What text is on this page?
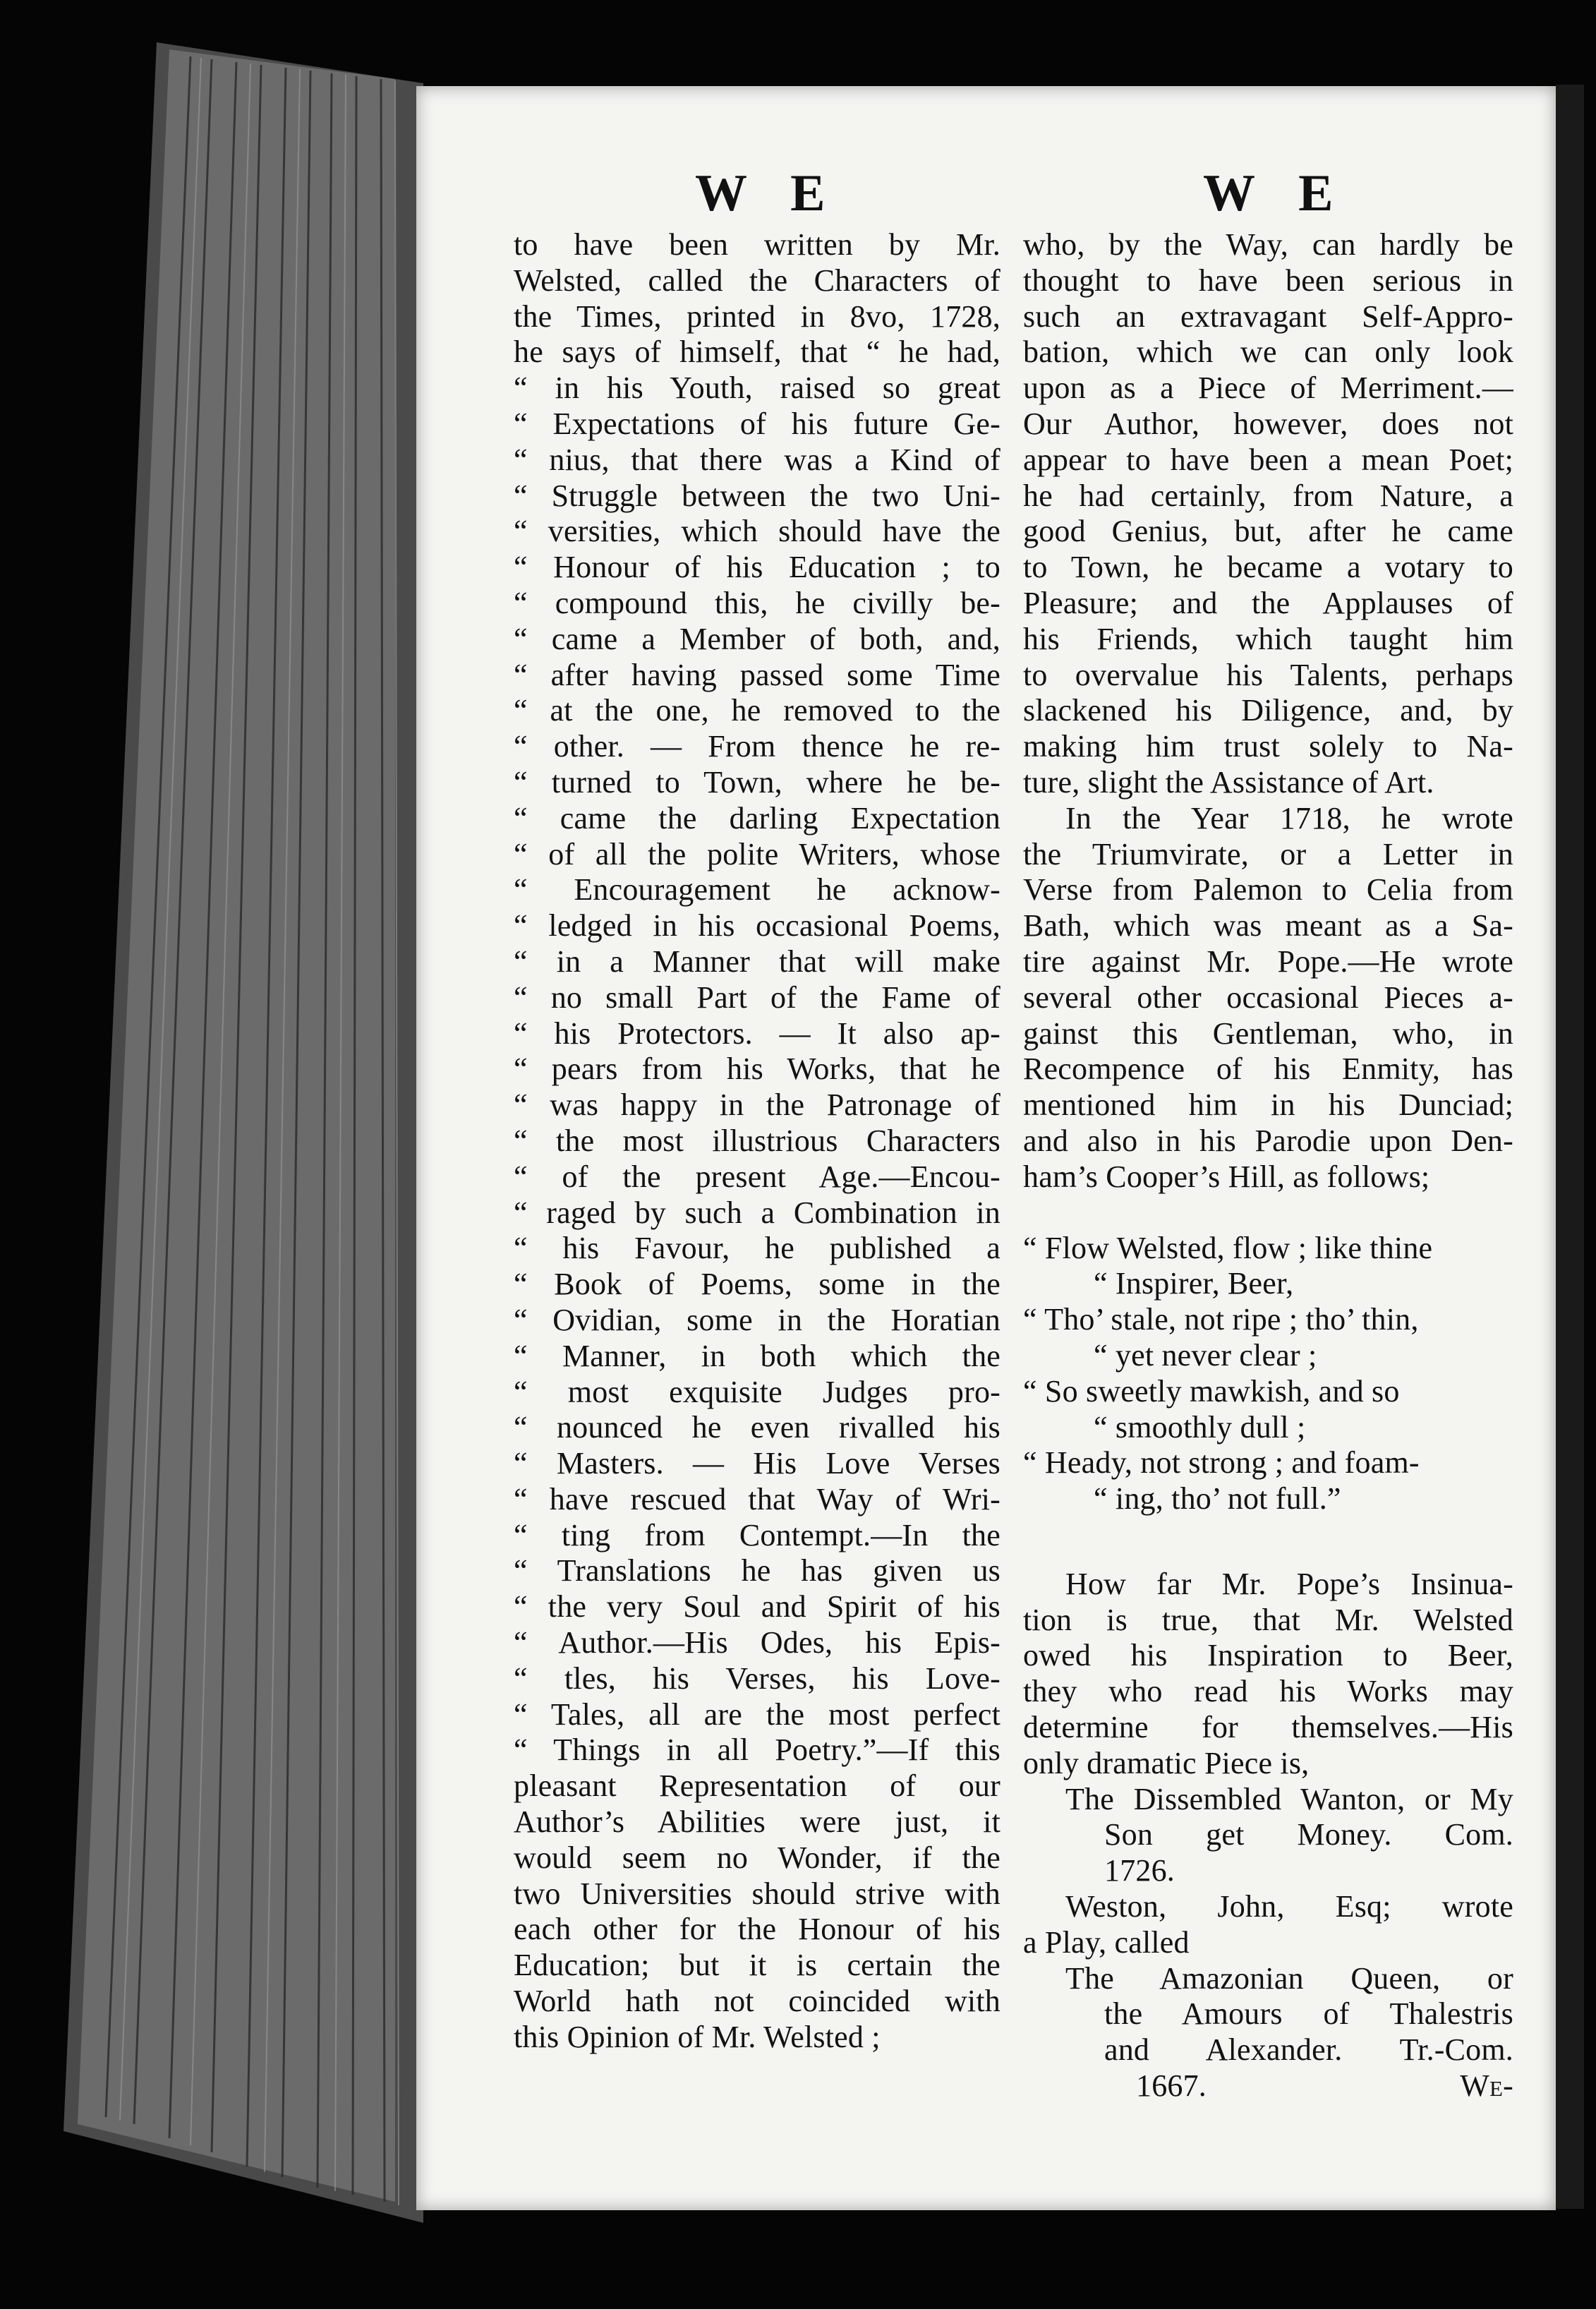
W E	W E
to have been written by Mr.
Welsted, called the Characters of
the Times, printed in 8vo, 1728,
he says of himself, that “ he had,
“ in his Youth, raised so great
“ Expectations of his future Ge-
“ nius, that there was a Kind of
“ Struggle between the two Uni-
“ versities, which should have the
“ Honour of his Education ; to
“ compound this, he civilly be-
“ came a Member of both, and,
“ after having passed some Time
“ at the one, he removed to the
“ other. — From thence he re-
“ turned to Town, where he be-
“ came the darling Expectation
“ of all the polite Writers, whose
“ Encouragement he acknow-
“ ledged in his occasional Poems,
“ in a Manner that will make
“ no small Part of the Fame of
“ his Protectors. — It also ap-
“ pears from his Works, that he
“ was happy in the Patronage of
“ the most illustrious Characters
“ of the present Age.—Encou-
“ raged by such a Combination in
“ his Favour, he published a
“ Book of Poems, some in the
“ Ovidian, some in the Horatian
“ Manner, in both which the
“ most exquisite Judges pro-
“ nounced he even rivalled his
“ Masters. — His Love Verses
“ have rescued that Way of Wri-
“ ting from Contempt.—In the
“ Translations he has given us
“ the very Soul and Spirit of his
“ Author.—His Odes, his Epis-
“ tles, his Verses, his Love-
“ Tales, all are the most perfect
“ Things in all Poetry.”—If this
pleasant Representation of our
Author’s Abilities were just, it
would seem no Wonder, if the
two Universities should strive with
each other for the Honour of his
Education; but it is certain the
World hath not coincided with
this Opinion of Mr. Welsted ;
who, by the Way, can hardly be
thought to have been serious in
such an extravagant Self-Appro-
bation, which we can only look
upon as a Piece of Merriment.—
Our Author, however, does not
appear to have been a mean Poet;
he had certainly, from Nature, a
good Genius, but, after he came
to Town, he became a votary to
Pleasure; and the Applauses of
his Friends, which taught him
to overvalue his Talents, perhaps
slackened his Diligence, and, by
making him trust solely to Na-
ture, slight the Assistance of Art.
In the Year 1718, he wrote
the Triumvirate, or a Letter in
Verse from Palemon to Celia from
Bath, which was meant as a Sa-
tire against Mr. Pope.—He wrote
several other occasional Pieces a-
gainst this Gentleman, who, in
Recompence of his Enmity, has
mentioned him in his Dunciad;
and also in his Parodie upon Den-
ham’s Cooper’s Hill, as follows;
“ Flow Welsted, flow ; like thine
“ Inspirer, Beer,
“ Tho’ stale, not ripe ; tho’ thin,
“ yet never clear ;
“ So sweetly mawkish, and so
“ smoothly dull ;
“ Heady, not strong ; and foam-
“ ing, tho’ not full.”
How far Mr. Pope’s Insinua-
tion is true, that Mr. Welsted
owed his Inspiration to Beer,
they who read his Works may
determine for themselves.—His
only dramatic Piece is,
The Dissembled Wanton, or My
Son get Money. Com.
1726.
Weston, John, Esq; wrote
a Play, called
The Amazonian Queen, or
the Amours of Thalestris
and Alexander. Tr.-Com.
1667.	We-
